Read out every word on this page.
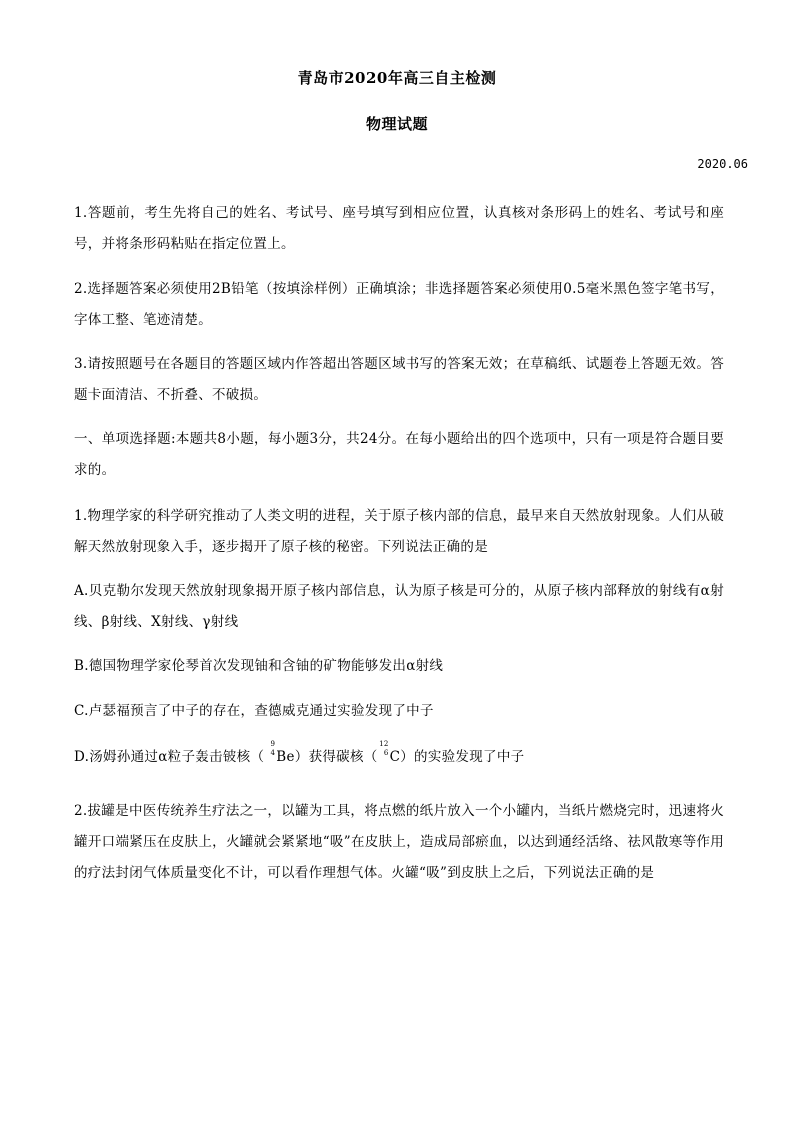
青岛市2020年高三自主检测
物理试题
2020.06
1.答题前，考生先将自己的姓名、考试号、座号填写到相应位置，认真核对条形码上的姓名、考试号和座号，并将条形码粘贴在指定位置上。
2.选择题答案必须使用2B铅笔（按填涂样例）正确填涂；非选择题答案必须使用0.5毫米黑色签字笔书写，字体工整、笔迹清楚。
3.请按照题号在各题目的答题区域内作答超出答题区域书写的答案无效；在草稿纸、试题卷上答题无效。答题卡面清洁、不折叠、不破损。
一、单项选择题:本题共8小题，每小题3分，共24分。在每小题给出的四个选项中，只有一项是符合题目要求的。
1.物理学家的科学研究推动了人类文明的进程，关于原子核内部的信息，最早来自天然放射现象。人们从破解天然放射现象入手，逐步揭开了原子核的秘密。下列说法正确的是
A.贝克勒尔发现天然放射现象揭开原子核内部信息，认为原子核是可分的，从原子核内部释放的射线有α射线、β射线、X射线、γ射线
B.德国物理学家伦琴首次发现铀和含铀的矿物能够发出α射线
C.卢瑟福预言了中子的存在，查德威克通过实验发现了中子
D.汤姆孙通过α粒子轰击铍核（
9
4 Be）获得碳核（
12
6 C）的实验发现了中子
2.拔罐是中医传统养生疗法之一，以罐为工具，将点燃的纸片放入一个小罐内，当纸片燃烧完时，迅速将火罐开口端紧压在皮肤上，火罐就会紧紧地“吸”在皮肤上，造成局部瘀血，以达到通经活络、祛风散寒等作用的疗法封闭气体质量变化不计，可以看作理想气体。火罐“吸”到皮肤上之后，下列说法正确的是
